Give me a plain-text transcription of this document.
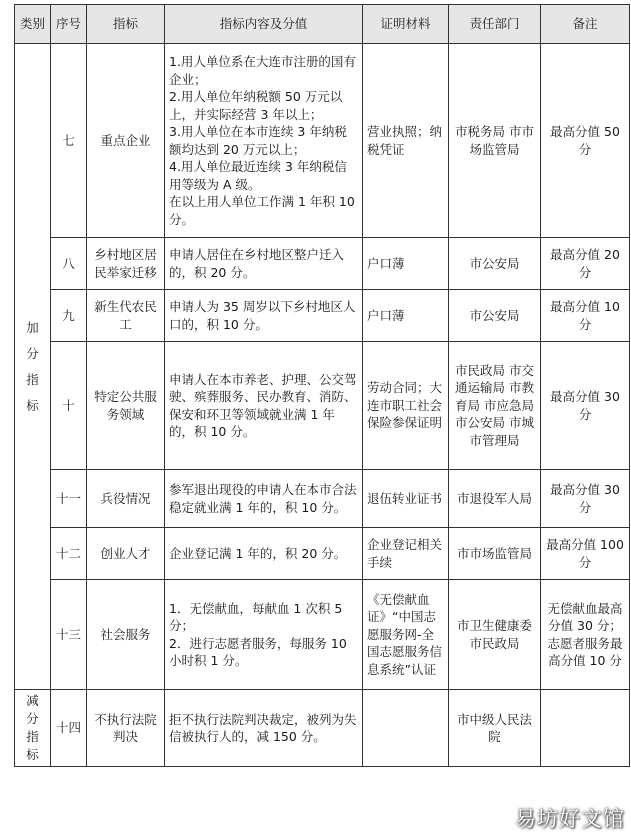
类别	序号	指标	指标内容及分值	证明材料	责任部门	备注

加
分
指
标	七	重点企业	1.用人单位系在大连市注册的国有企业；
2.用人单位年纳税额 50 万元以上，并实际经营 3 年以上；
3.用人单位在本市连续 3 年纳税额均达到 20 万元以上；
4.用人单位最近连续 3 年纳税信用等级为 A 级。
在以上用人单位工作满 1 年积 10 分。	营业执照；纳税凭证	市税务局 市市场监管局	最高分值 50 分
	八	乡村地区居民举家迁移	申请人居住在乡村地区整户迁入的，积 20 分。	户口薄	市公安局	最高分值 20 分
	九	新生代农民工	申请人为 35 周岁以下乡村地区人口的，积 10 分。	户口薄	市公安局	最高分值 10 分
	十	特定公共服务领域	申请人在本市养老、护理、公交驾驶、殡葬服务、民办教育、消防、保安和环卫等领域就业满 1 年的，积 10 分。	劳动合同；大连市职工社会保险参保证明	市民政局 市交通运输局 市教育局 市应急局 市公安局 市城市管理局	最高分值 30 分
	十一	兵役情况	参军退出现役的申请人在本市合法稳定就业满 1 年的，积 10 分。	退伍转业证书	市退役军人局	最高分值 30 分
	十二	创业人才	企业登记满 1 年的，积 20 分。	企业登记相关手续	市市场监管局	最高分值 100 分
	十三	社会服务	1．无偿献血，每献血 1 次积 5 分；
2．进行志愿者服务，每服务 10 小时积 1 分。	《无偿献血证》“中国志愿服务网-全国志愿服务信息系统”认证	市卫生健康委 市民政局	无偿献血最高分值 30 分；志愿者服务最高分值 10 分

减
分
指
标	十四	不执行法院判决	拒不执行法院判决裁定，被列为失信被执行人的，减 150 分。		市中级人民法院	
易坊好文馆
